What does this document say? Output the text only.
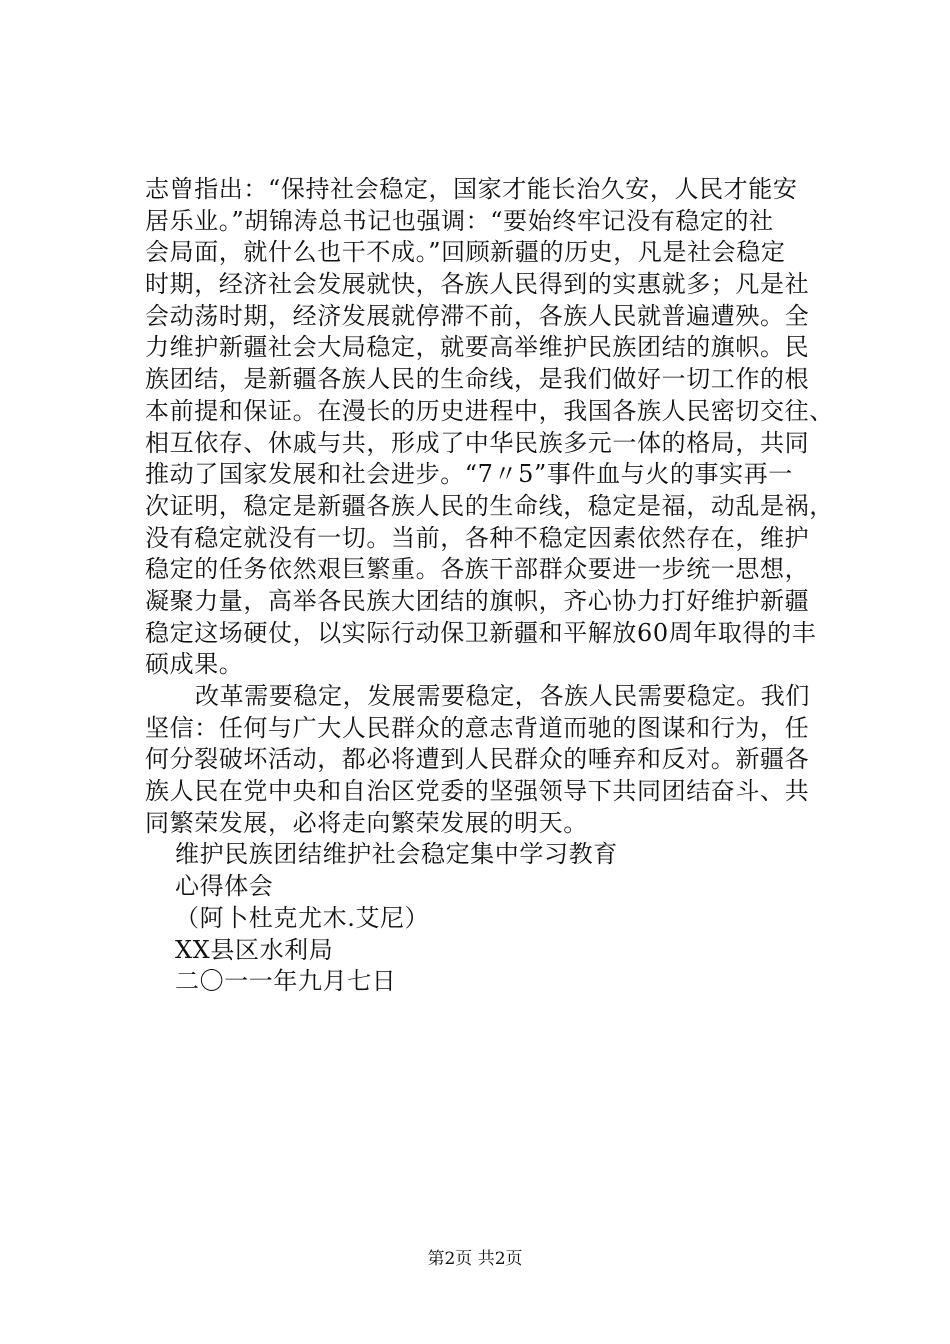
志曾指出：“保持社会稳定，国家才能长治久安，人民才能安
居乐业。”胡锦涛总书记也强调：“要始终牢记没有稳定的社
会局面，就什么也干不成。”回顾新疆的历史，凡是社会稳定
时期，经济社会发展就快，各族人民得到的实惠就多；凡是社
会动荡时期，经济发展就停滞不前，各族人民就普遍遭殃。全
力维护新疆社会大局稳定，就要高举维护民族团结的旗帜。民
族团结，是新疆各族人民的生命线，是我们做好一切工作的根
本前提和保证。在漫长的历史进程中，我国各族人民密切交往、
相互依存、休戚与共，形成了中华民族多元一体的格局，共同
推动了国家发展和社会进步。“7〃5”事件血与火的事实再一
次证明，稳定是新疆各族人民的生命线，稳定是福，动乱是祸，
没有稳定就没有一切。当前，各种不稳定因素依然存在，维护
稳定的任务依然艰巨繁重。各族干部群众要进一步统一思想，
凝聚力量，高举各民族大团结的旗帜，齐心协力打好维护新疆
稳定这场硬仗，以实际行动保卫新疆和平解放60周年取得的丰
硕成果。
改革需要稳定，发展需要稳定，各族人民需要稳定。我们
坚信：任何与广大人民群众的意志背道而驰的图谋和行为，任
何分裂破坏活动，都必将遭到人民群众的唾弃和反对。新疆各
族人民在党中央和自治区党委的坚强领导下共同团结奋斗、共
同繁荣发展，必将走向繁荣发展的明天。
维护民族团结维护社会稳定集中学习教育
心得体会
（阿卜杜克尤木.艾尼）
XX县区水利局
二〇一一年九月七日
第2页 共2页
